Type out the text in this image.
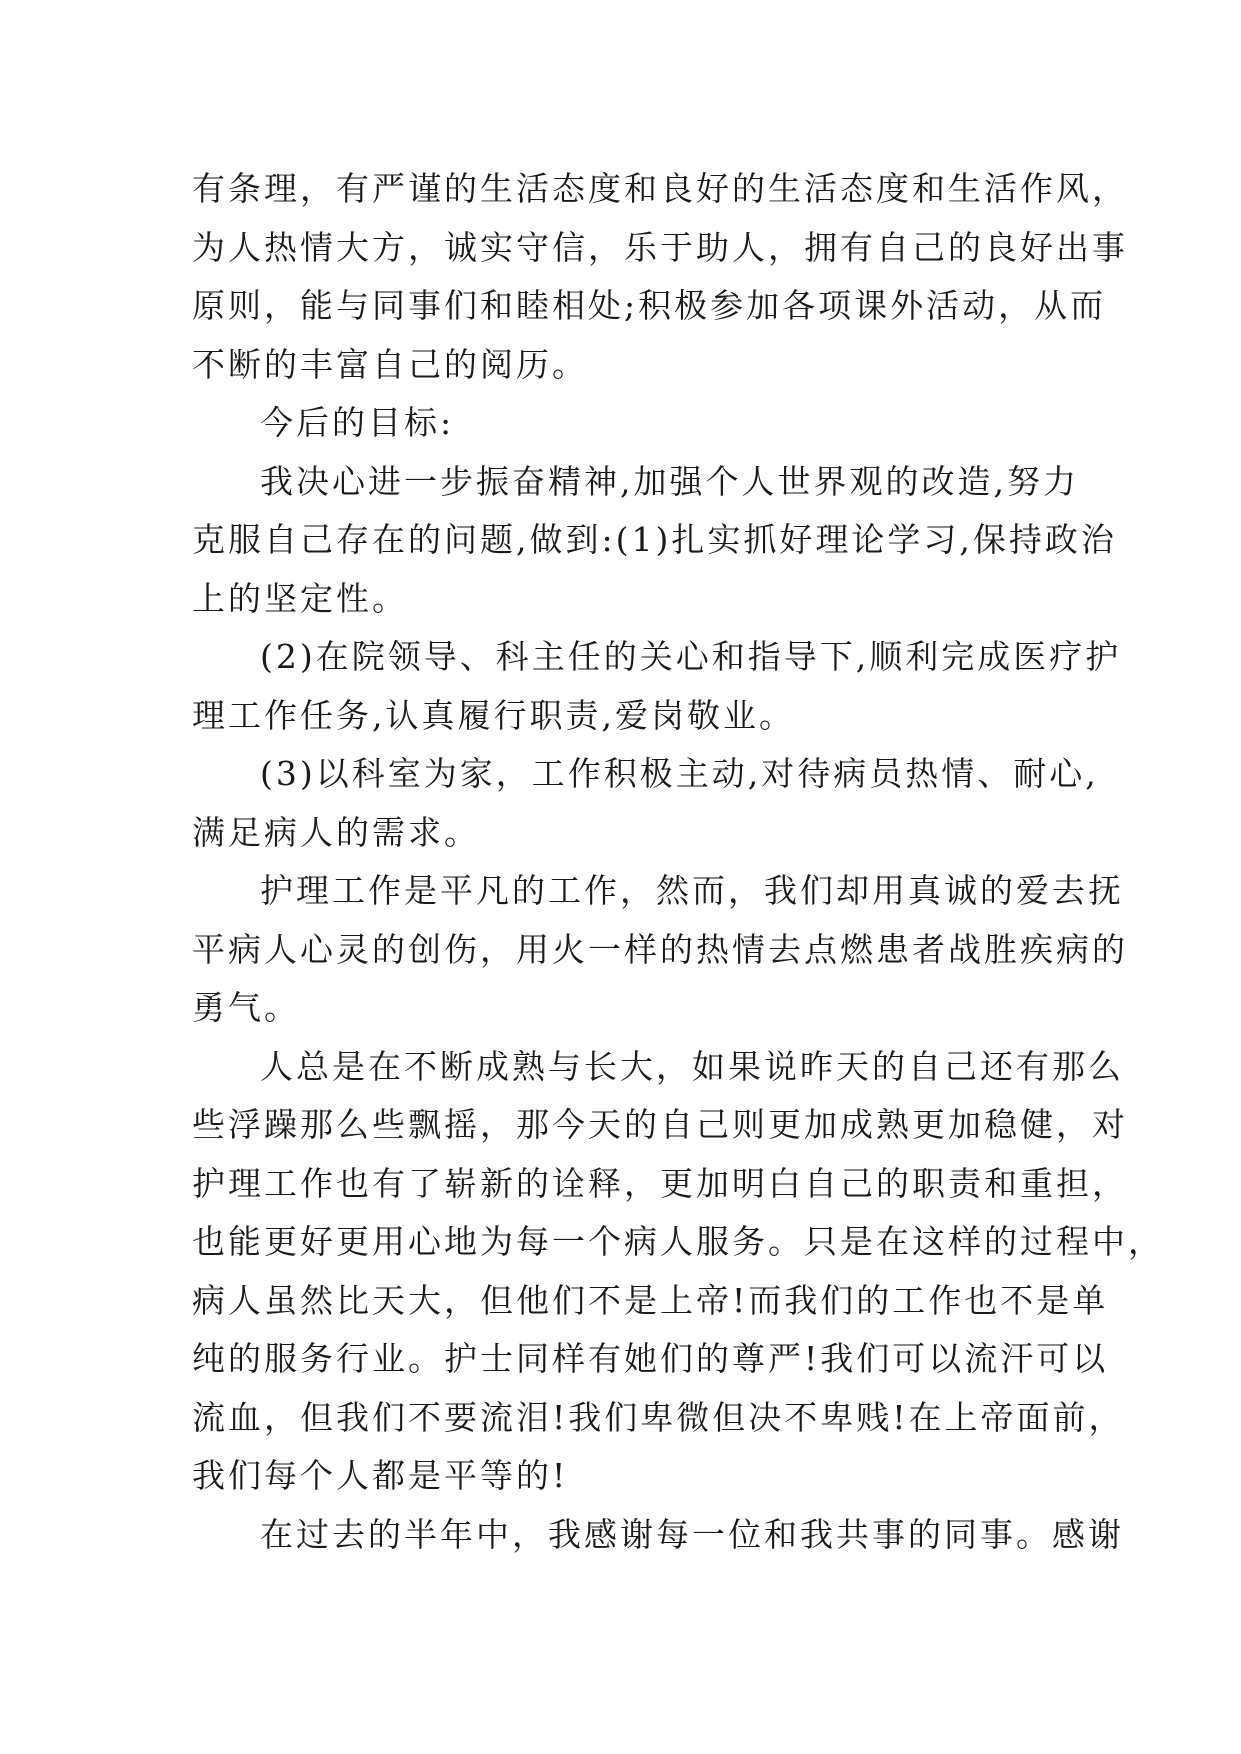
有条理，有严谨的生活态度和良好的生活态度和生活作风，
为人热情大方，诚实守信，乐于助人，拥有自己的良好出事
原则，能与同事们和睦相处;积极参加各项课外活动，从而
不断的丰富自己的阅历。
今后的目标:
我决心进一步振奋精神,加强个人世界观的改造,努力
克服自己存在的问题,做到:(1)扎实抓好理论学习,保持政治
上的坚定性。
(2)在院领导、科主任的关心和指导下,顺利完成医疗护
理工作任务,认真履行职责,爱岗敬业。
(3)以科室为家，工作积极主动,对待病员热情、耐心,
满足病人的需求。
护理工作是平凡的工作，然而，我们却用真诚的爱去抚
平病人心灵的创伤，用火一样的热情去点燃患者战胜疾病的
勇气。
人总是在不断成熟与长大，如果说昨天的自己还有那么
些浮躁那么些飘摇，那今天的自己则更加成熟更加稳健，对
护理工作也有了崭新的诠释，更加明白自己的职责和重担，
也能更好更用心地为每一个病人服务。只是在这样的过程中，
病人虽然比天大，但他们不是上帝!而我们的工作也不是单
纯的服务行业。护士同样有她们的尊严!我们可以流汗可以
流血，但我们不要流泪!我们卑微但决不卑贱!在上帝面前，
我们每个人都是平等的!
在过去的半年中，我感谢每一位和我共事的同事。感谢
